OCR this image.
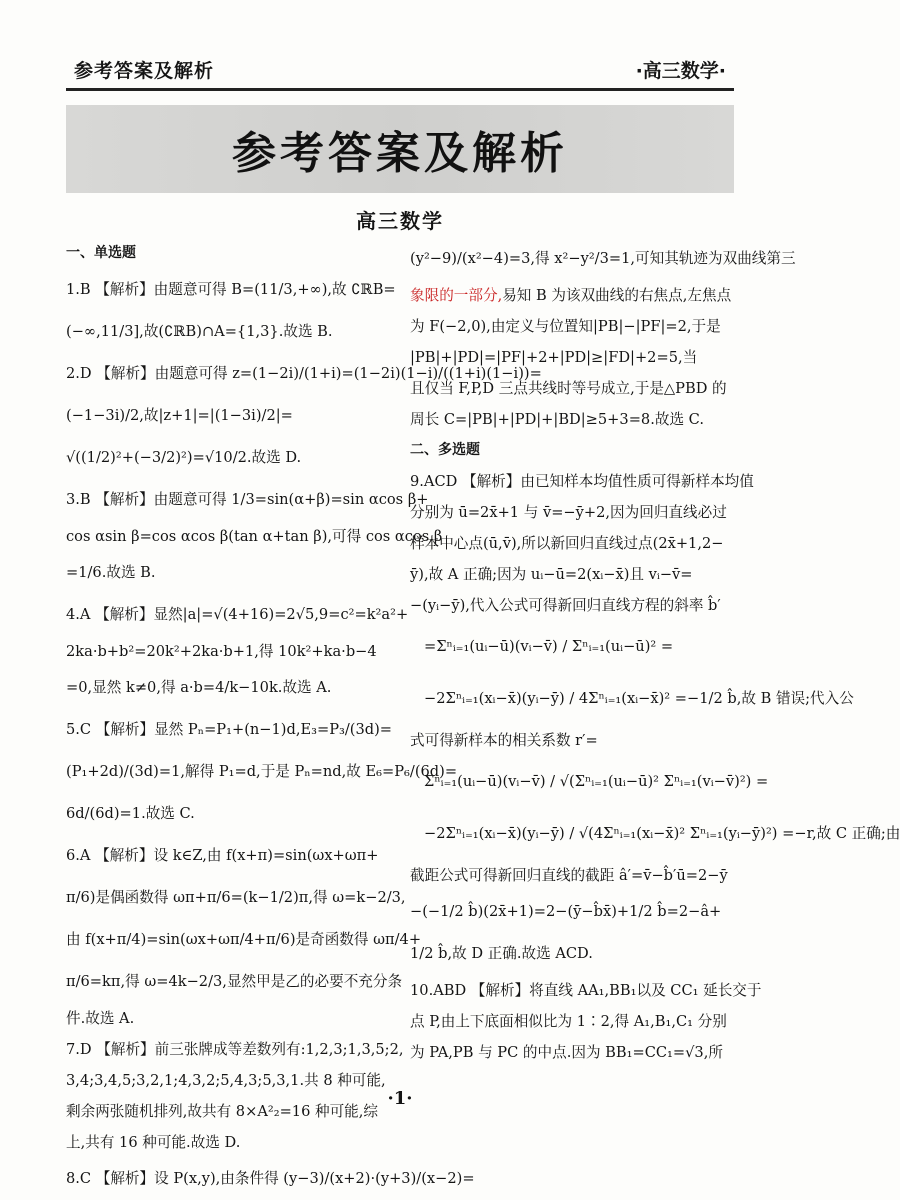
参考答案及解析	·高三数学·
参考答案及解析
高三数学
一、单选题
1.B 【解析】由题意可得 B=(11/3,+∞),故 ∁ℝB=
(−∞,11/3],故(∁ℝB)∩A={1,3}.故选 B.
2.D 【解析】由题意可得 z=(1−2i)/(1+i)=(1−2i)(1−i)/((1+i)(1−i))=
(−1−3i)/2,故|z+1|=|(1−3i)/2|=
√((1/2)²+(−3/2)²)=√10/2.故选 D.
3.B 【解析】由题意可得 1/3=sin(α+β)=sin αcos β+
cos αsin β=cos αcos β(tan α+tan β),可得 cos αcos β
=1/6.故选 B.
4.A 【解析】显然|a|=√(4+16)=2√5,9=c²=k²a²+
2ka·b+b²=20k²+2ka·b+1,得 10k²+ka·b−4
=0,显然 k≠0,得 a·b=4/k−10k.故选 A.
5.C 【解析】显然 Pₙ=P₁+(n−1)d,E₃=P₃/(3d)=
(P₁+2d)/(3d)=1,解得 P₁=d,于是 Pₙ=nd,故 E₆=P₆/(6d)=
6d/(6d)=1.故选 C.
6.A 【解析】设 k∈Z,由 f(x+π)=sin(ωx+ωπ+
π/6)是偶函数得 ωπ+π/6=(k−1/2)π,得 ω=k−2/3,
由 f(x+π/4)=sin(ωx+ωπ/4+π/6)是奇函数得 ωπ/4+
π/6=kπ,得 ω=4k−2/3,显然甲是乙的必要不充分条
件.故选 A.
7.D 【解析】前三张牌成等差数列有:1,2,3;1,3,5;2,
3,4;3,4,5;3,2,1;4,3,2;5,4,3;5,3,1.共 8 种可能,
剩余两张随机排列,故共有 8×A²₂=16 种可能,综
上,共有 16 种可能.故选 D.
8.C 【解析】设 P(x,y),由条件得 (y−3)/(x+2)·(y+3)/(x−2)=
(y²−9)/(x²−4)=3,得 x²−y²/3=1,可知其轨迹为双曲线第三
象限的一部分,易知 B 为该双曲线的右焦点,左焦点
为 F(−2,0),由定义与位置知|PB|−|PF|=2,于是
|PB|+|PD|=|PF|+2+|PD|≥|FD|+2=5,当
且仅当 F,P,D 三点共线时等号成立,于是△PBD 的
周长 C=|PB|+|PD|+|BD|≥5+3=8.故选 C.
二、多选题
9.ACD 【解析】由已知样本均值性质可得新样本均值
分别为 ū=2x̄+1 与 v̄=−ȳ+2,因为回归直线必过
样本中心点(ū,v̄),所以新回归直线过点(2x̄+1,2−
ȳ),故 A 正确;因为 uᵢ−ū=2(xᵢ−x̄)且 vᵢ−v̄=
−(yᵢ−ȳ),代入公式可得新回归直线方程的斜率 b̂′
=Σⁿᵢ₌₁(uᵢ−ū)(vᵢ−v̄) / Σⁿᵢ₌₁(uᵢ−ū)² =
−2Σⁿᵢ₌₁(xᵢ−x̄)(yᵢ−ȳ) / 4Σⁿᵢ₌₁(xᵢ−x̄)² =−1/2 b̂,故 B 错误;代入公
式可得新样本的相关系数 r′=
Σⁿᵢ₌₁(uᵢ−ū)(vᵢ−v̄) / √(Σⁿᵢ₌₁(uᵢ−ū)² Σⁿᵢ₌₁(vᵢ−v̄)²) =
−2Σⁿᵢ₌₁(xᵢ−x̄)(yᵢ−ȳ) / √(4Σⁿᵢ₌₁(xᵢ−x̄)² Σⁿᵢ₌₁(yᵢ−ȳ)²) =−r,故 C 正确;由
截距公式可得新回归直线的截距 â′=v̄−b̂′ū=2−ȳ
−(−1/2 b̂)(2x̄+1)=2−(ȳ−b̂x̄)+1/2 b̂=2−â+
1/2 b̂,故 D 正确.故选 ACD.
10.ABD 【解析】将直线 AA₁,BB₁以及 CC₁ 延长交于
点 P,由上下底面相似比为 1∶2,得 A₁,B₁,C₁ 分别
为 PA,PB 与 PC 的中点.因为 BB₁=CC₁=√3,所
·1·
